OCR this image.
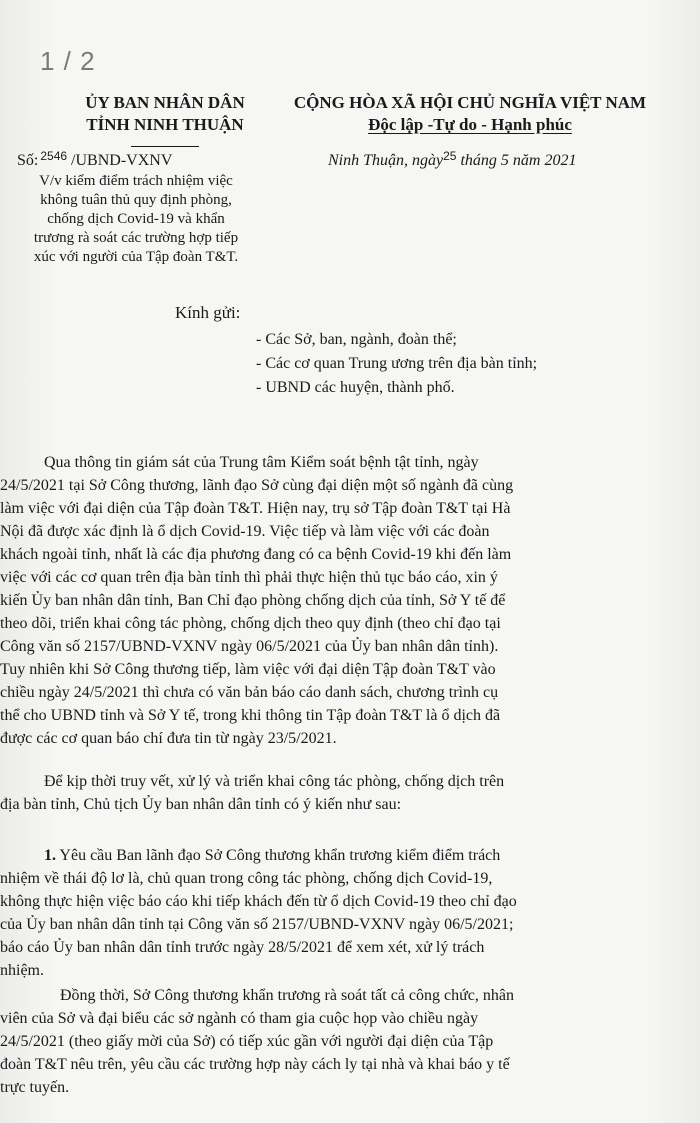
1 / 2
ỦY BAN NHÂN DÂN
TỈNH NINH THUẬN
CỘNG HÒA XÃ HỘI CHỦ NGHĨA VIỆT NAM
Độc lập -Tự do - Hạnh phúc
Số: $^{2546}$ /UBND-VXNV	Ninh Thuận, ngày$^{25}$ tháng 5 năm 2021
V/v kiểm điểm trách nhiệm việc
không tuân thủ quy định phòng,
chống dịch Covid-19 và khẩn
trương rà soát các trường hợp tiếp
xúc với người của Tập đoàn T&T.
Kính gửi:
- Các Sở, ban, ngành, đoàn thể;
- Các cơ quan Trung ương trên địa bàn tỉnh;
- UBND các huyện, thành phố.
Qua thông tin giám sát của Trung tâm Kiểm soát bệnh tật tỉnh, ngày
24/5/2021 tại Sở Công thương, lãnh đạo Sở cùng đại diện một số ngành đã cùng
làm việc với đại diện của Tập đoàn T&T. Hiện nay, trụ sở Tập đoàn T&T tại Hà
Nội đã được xác định là ổ dịch Covid-19. Việc tiếp và làm việc với các đoàn
khách ngoài tỉnh, nhất là các địa phương đang có ca bệnh Covid-19 khi đến làm
việc với các cơ quan trên địa bàn tỉnh thì phải thực hiện thủ tục báo cáo, xin ý
kiến Ủy ban nhân dân tỉnh, Ban Chỉ đạo phòng chống dịch của tỉnh, Sở Y tế để
theo dõi, triển khai công tác phòng, chống dịch theo quy định (theo chỉ đạo tại
Công văn số 2157/UBND-VXNV ngày 06/5/2021 của Ủy ban nhân dân tỉnh).
Tuy nhiên khi Sở Công thương tiếp, làm việc với đại diện Tập đoàn T&T vào
chiều ngày 24/5/2021 thì chưa có văn bản báo cáo danh sách, chương trình cụ
thể cho UBND tỉnh và Sở Y tế, trong khi thông tin Tập đoàn T&T là ổ dịch đã
được các cơ quan báo chí đưa tin từ ngày 23/5/2021.
Để kịp thời truy vết, xử lý và triển khai công tác phòng, chống dịch trên
địa bàn tỉnh, Chủ tịch Ủy ban nhân dân tỉnh có ý kiến như sau:
1. Yêu cầu Ban lãnh đạo Sở Công thương khẩn trương kiểm điểm trách
nhiệm về thái độ lơ là, chủ quan trong công tác phòng, chống dịch Covid-19,
không thực hiện việc báo cáo khi tiếp khách đến từ ổ dịch Covid-19 theo chỉ đạo
của Ủy ban nhân dân tỉnh tại Công văn số 2157/UBND-VXNV ngày 06/5/2021;
báo cáo Ủy ban nhân dân tỉnh trước ngày 28/5/2021 để xem xét, xử lý trách
nhiệm.
Đồng thời, Sở Công thương khẩn trương rà soát tất cả công chức, nhân
viên của Sở và đại biểu các sở ngành có tham gia cuộc họp vào chiều ngày
24/5/2021 (theo giấy mời của Sở) có tiếp xúc gần với người đại diện của Tập
đoàn T&T nêu trên, yêu cầu các trường hợp này cách ly tại nhà và khai báo y tế
trực tuyến.
